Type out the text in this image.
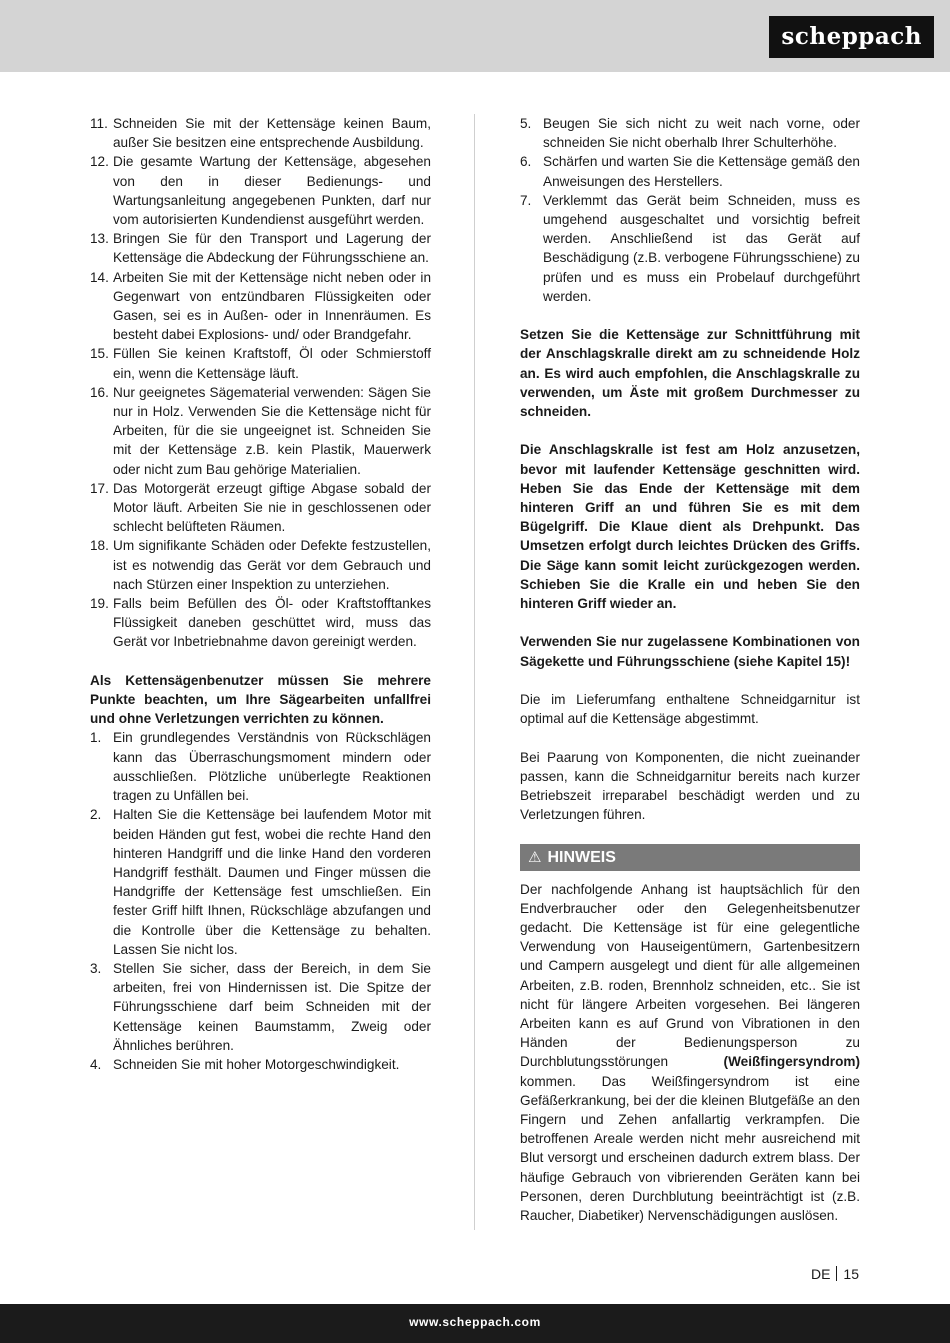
scheppach
11. Schneiden Sie mit der Kettensäge keinen Baum, außer Sie besitzen eine entsprechende Ausbildung.
12. Die gesamte Wartung der Kettensäge, abgesehen von den in dieser Bedienungs- und Wartungsanleitung angegebenen Punkten, darf nur vom autorisierten Kundendienst ausgeführt werden.
13. Bringen Sie für den Transport und Lagerung der Kettensäge die Abdeckung der Führungsschiene an.
14. Arbeiten Sie mit der Kettensäge nicht neben oder in Gegenwart von entzündbaren Flüssigkeiten oder Gasen, sei es in Außen- oder in Innenräumen. Es besteht dabei Explosions- und/ oder Brandgefahr.
15. Füllen Sie keinen Kraftstoff, Öl oder Schmierstoff ein, wenn die Kettensäge läuft.
16. Nur geeignetes Sägematerial verwenden: Sägen Sie nur in Holz. Verwenden Sie die Kettensäge nicht für Arbeiten, für die sie ungeeignet ist. Schneiden Sie mit der Kettensäge z.B. kein Plastik, Mauerwerk oder nicht zum Bau gehörige Materialien.
17. Das Motorgerät erzeugt giftige Abgase sobald der Motor läuft. Arbeiten Sie nie in geschlossenen oder schlecht belüfteten Räumen.
18. Um signifikante Schäden oder Defekte festzustellen, ist es notwendig das Gerät vor dem Gebrauch und nach Stürzen einer Inspektion zu unterziehen.
19. Falls beim Befüllen des Öl- oder Kraftstofftankes Flüssigkeit daneben geschüttet wird, muss das Gerät vor Inbetriebnahme davon gereinigt werden.

Als Kettensägenbenutzer müssen Sie mehrere Punkte beachten, um Ihre Sägearbeiten unfallfrei und ohne Verletzungen verrichten zu können.

1. Ein grundlegendes Verständnis von Rückschlägen kann das Überraschungsmoment mindern oder ausschließen. Plötzliche unüberlegte Reaktionen tragen zu Unfällen bei.
2. Halten Sie die Kettensäge bei laufendem Motor mit beiden Händen gut fest, wobei die rechte Hand den hinteren Handgriff und die linke Hand den vorderen Handgriff festhält. Daumen und Finger müssen die Handgriffe der Kettensäge fest umschließen. Ein fester Griff hilft Ihnen, Rückschläge abzufangen und die Kontrolle über die Kettensäge zu behalten. Lassen Sie nicht los.
3. Stellen Sie sicher, dass der Bereich, in dem Sie arbeiten, frei von Hindernissen ist. Die Spitze der Führungsschiene darf beim Schneiden mit der Kettensäge keinen Baumstamm, Zweig oder Ähnliches berühren.
4. Schneiden Sie mit hoher Motorgeschwindigkeit.
5. Beugen Sie sich nicht zu weit nach vorne, oder schneiden Sie nicht oberhalb Ihrer Schulterhöhe.
6. Schärfen und warten Sie die Kettensäge gemäß den Anweisungen des Herstellers.
7. Verklemmt das Gerät beim Schneiden, muss es umgehend ausgeschaltet und vorsichtig befreit werden. Anschließend ist das Gerät auf Beschädigung (z.B. verbogene Führungsschiene) zu prüfen und es muss ein Probelauf durchgeführt werden.

Setzen Sie die Kettensäge zur Schnittführung mit der Anschlagskralle direkt am zu schneidende Holz an. Es wird auch empfohlen, die Anschlagskralle zu verwenden, um Äste mit großem Durchmesser zu schneiden.

Die Anschlagskralle ist fest am Holz anzusetzen, bevor mit laufender Kettensäge geschnitten wird. Heben Sie das Ende der Kettensäge mit dem hinteren Griff an und führen Sie es mit dem Bügelgriff. Die Klaue dient als Drehpunkt. Das Umsetzen erfolgt durch leichtes Drücken des Griffs. Die Säge kann somit leicht zurückgezogen werden. Schieben Sie die Kralle ein und heben Sie den hinteren Griff wieder an.

Verwenden Sie nur zugelassene Kombinationen von Sägekette und Führungsschiene (siehe Kapitel 15)!

Die im Lieferumfang enthaltene Schneidgarnitur ist optimal auf die Kettensäge abgestimmt.

Bei Paarung von Komponenten, die nicht zueinander passen, kann die Schneidgarnitur bereits nach kurzer Betriebszeit irreparabel beschädigt werden und zu Verletzungen führen.

⚠ HINWEIS

Der nachfolgende Anhang ist hauptsächlich für den Endverbraucher oder den Gelegenheitsbenutzer gedacht. Die Kettensäge ist für eine gelegentliche Verwendung von Hauseigentümern, Gartenbesitzern und Campern ausgelegt und dient für alle allgemeinen Arbeiten, z.B. roden, Brennholz schneiden, etc.. Sie ist nicht für längere Arbeiten vorgesehen. Bei längeren Arbeiten kann es auf Grund von Vibrationen in den Händen der Bedienungsperson zu Durchblutungsstörungen (Weißfingersyndrom) kommen. Das Weißfingersyndrom ist eine Gefäßerkrankung, bei der die kleinen Blutgefäße an den Fingern und Zehen anfallartig verkrampfen. Die betroffenen Areale werden nicht mehr ausreichend mit Blut versorgt und erscheinen dadurch extrem blass. Der häufige Gebrauch von vibrierenden Geräten kann bei Personen, deren Durchblutung beeinträchtigt ist (z.B. Raucher, Diabetiker) Nervenschädigungen auslösen.

DE 15
www.scheppach.com
